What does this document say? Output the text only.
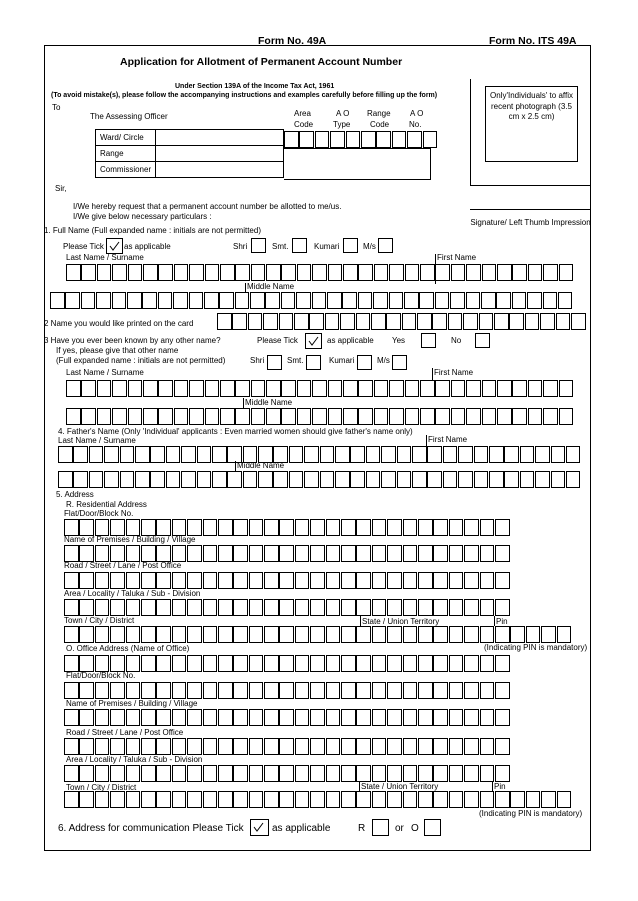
Form No. 49A	Form No. ITS 49A
Application for Allotment of Permanent Account Number
Under Section 139A of the Income Tax Act, 1961
(To avoid mistake(s), please follow the accompanying instructions and examples carefully before filling up the form)	Only'Individuals' to affix recent photograph (3.5 cm x 2.5 cm)
Signature/ Left Thumb Impression
To
The Assessing Officer	Area
Code
A O
Type
Range
Code
A O
No.
Ward/ Circle	
Range	
Commissioner	
Sir,
I/We hereby request that a permanent account number be allotted to me/us.
I/We give below necessary particulars :
1. Full Name (Full expanded name : initials are not permitted)
Please Tick	as applicable	Shri	Smt.	Kumari	M/s
Last Name / Surname	First Name
Middle Name
2 Name you would like printed on the card
3 Have you ever been known by any other name?	Please Tick	as applicable Yes	No
If yes, please give that other name
(Full expanded name : initials are not permitted)	Shri	Smt.	Kumari	M/s
Last Name / Surname	First Name
Middle Name
4. Father's Name (Only 'Individual' applicants : Even married women should give father's name only)
Last Name / Surname	First Name
Middle Name
5. Address
R. Residential Address
Flat/Door/Block No.
Name of Premises / Building / Village
Road / Street / Lane / Post Office
Area / Locality / Taluka / Sub - Division
Town / City / District	State / Union Territory	Pin
O. Office Address (Name of Office)	(Indicating PIN is mandatory)
Flat/Door/Block No.
Name of Premises / Building / Village
Road / Street / Lane / Post Office
Area / Locality / Taluka / Sub - Division
Town / City / District	State / Union Territory	Pin
(Indicating PIN is mandatory)
6. Address for communication Please Tick	as applicable	R	or O
